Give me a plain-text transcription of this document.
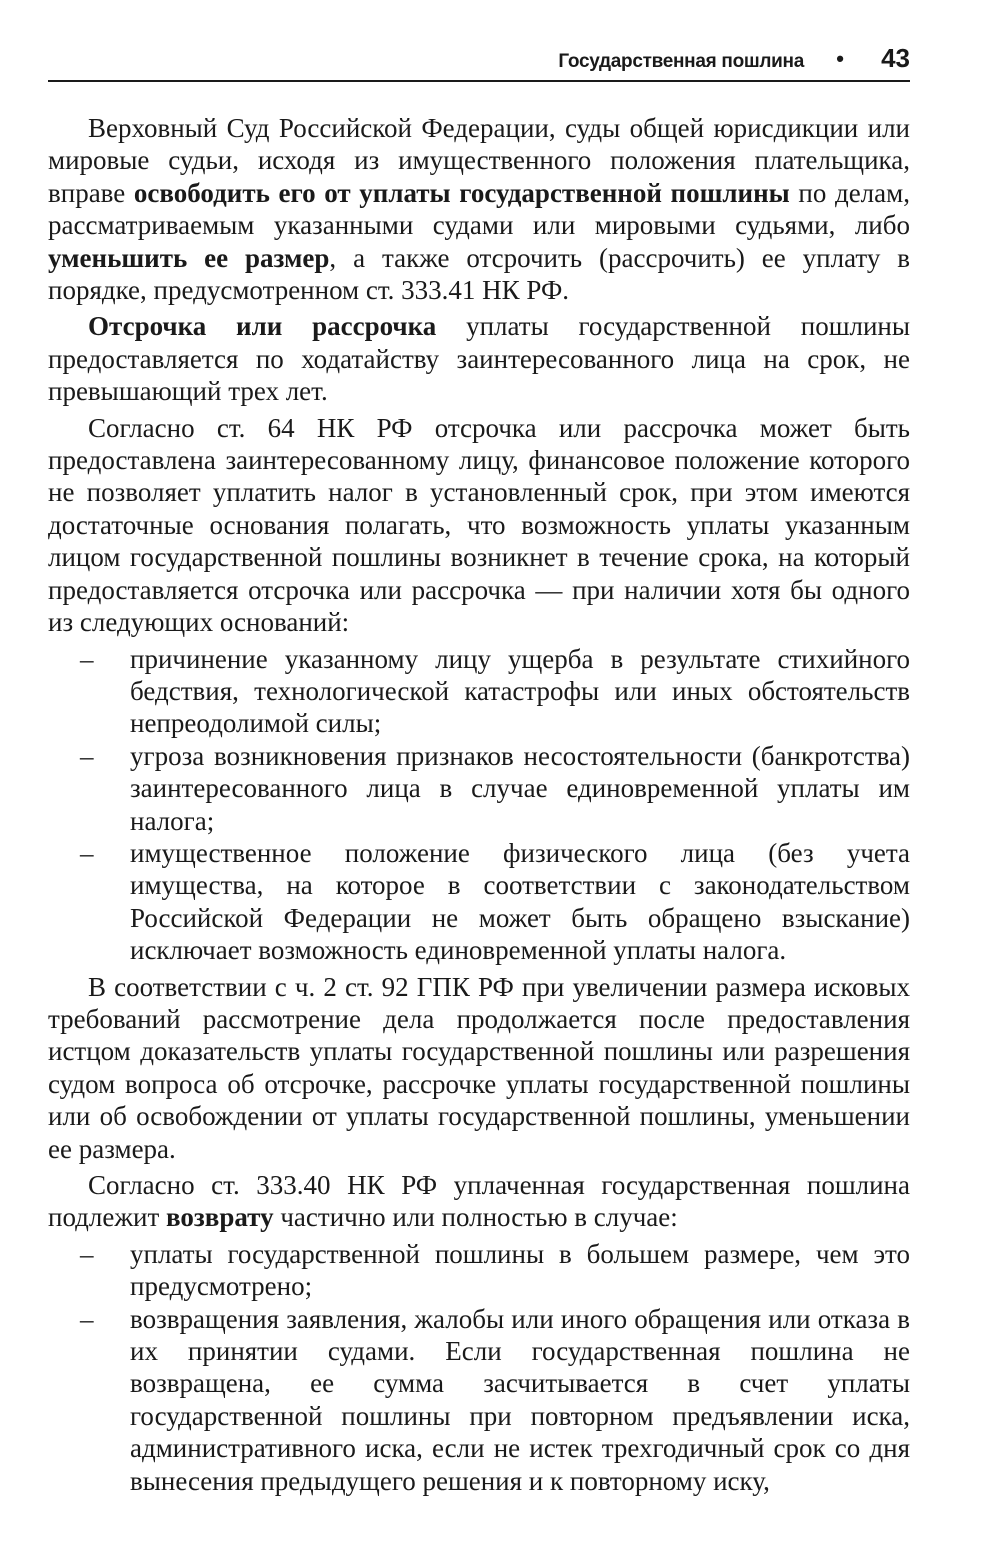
Государственная пошлина • 43

Верховный Суд Российской Федерации, суды общей юрисдикции или мировые судьи, исходя из имущественного положения плательщика, вправе освободить его от уплаты государственной пошлины по делам, рассматриваемым указанными судами или мировыми судьями, либо уменьшить ее размер, а также отсрочить (рассрочить) ее уплату в порядке, предусмотренном ст. 333.41 НК РФ.

Отсрочка или рассрочка уплаты государственной пошлины предоставляется по ходатайству заинтересованного лица на срок, не превышающий трех лет.

Согласно ст. 64 НК РФ отсрочка или рассрочка может быть предоставлена заинтересованному лицу, финансовое положение которого не позволяет уплатить налог в установленный срок, при этом имеются достаточные основания полагать, что возможность уплаты указанным лицом государственной пошлины возникнет в течение срока, на который предоставляется отсрочка или рассрочка — при наличии хотя бы одного из следующих оснований:

– причинение указанному лицу ущерба в результате стихийного бедствия, технологической катастрофы или иных обстоятельств непреодолимой силы;
– угроза возникновения признаков несостоятельности (банкротства) заинтересованного лица в случае единовременной уплаты им налога;
– имущественное положение физического лица (без учета имущества, на которое в соответствии с законодательством Российской Федерации не может быть обращено взыскание) исключает возможность единовременной уплаты налога.

В соответствии с ч. 2 ст. 92 ГПК РФ при увеличении размера исковых требований рассмотрение дела продолжается после предоставления истцом доказательств уплаты государственной пошлины или разрешения судом вопроса об отсрочке, рассрочке уплаты государственной пошлины или об освобождении от уплаты государственной пошлины, уменьшении ее размера.

Согласно ст. 333.40 НК РФ уплаченная государственная пошлина подлежит возврату частично или полностью в случае:

– уплаты государственной пошлины в большем размере, чем это предусмотрено;
– возвращения заявления, жалобы или иного обращения или отказа в их принятии судами. Если государственная пошлина не возвращена, ее сумма засчитывается в счет уплаты государственной пошлины при повторном предъявлении иска, административного иска, если не истек трехгодичный срок со дня вынесения предыдущего решения и к повторному иску,
